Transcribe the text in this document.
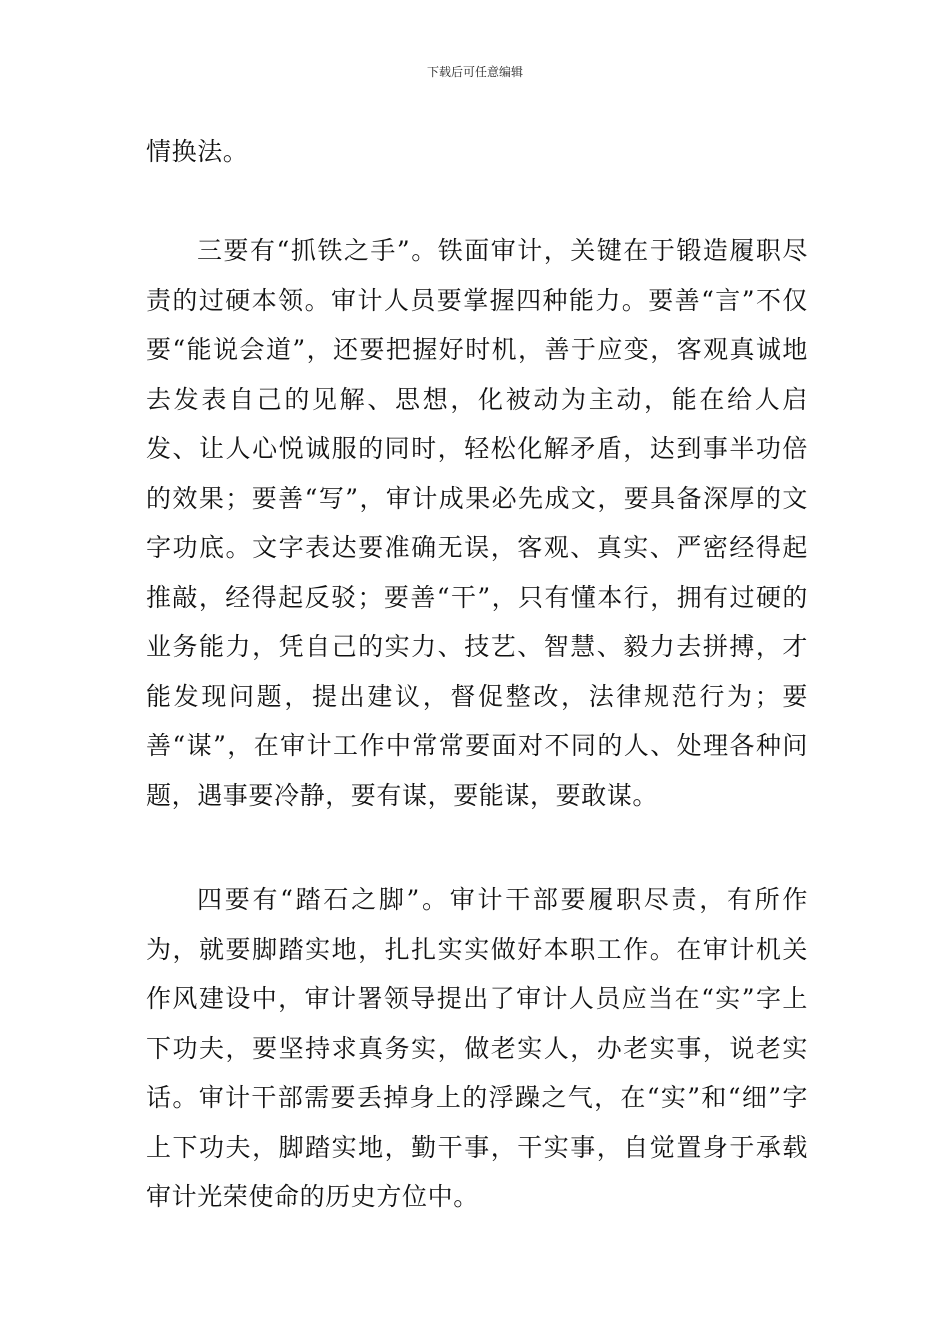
下载后可任意编辑

情换法。

三要有“抓铁之手”。铁面审计，关键在于锻造履职尽责的过硬本领。审计人员要掌握四种能力。要善“言”不仅要“能说会道”，还要把握好时机，善于应变，客观真诚地去发表自己的见解、思想，化被动为主动，能在给人启发、让人心悦诚服的同时，轻松化解矛盾，达到事半功倍的效果；要善“写”，审计成果必先成文，要具备深厚的文字功底。文字表达要准确无误，客观、真实、严密经得起推敲，经得起反驳；要善“干”，只有懂本行，拥有过硬的业务能力，凭自己的实力、技艺、智慧、毅力去拼搏，才能发现问题，提出建议，督促整改，法律规范行为；要善“谋”，在审计工作中常常要面对不同的人、处理各种问题，遇事要冷静，要有谋，要能谋，要敢谋。

四要有“踏石之脚”。审计干部要履职尽责，有所作为，就要脚踏实地，扎扎实实做好本职工作。在审计机关作风建设中，审计署领导提出了审计人员应当在“实”字上下功夫，要坚持求真务实，做老实人，办老实事，说老实话。审计干部需要丢掉身上的浮躁之气，在“实”和“细”字上下功夫，脚踏实地，勤干事，干实事，自觉置身于承载审计光荣使命的历史方位中。
